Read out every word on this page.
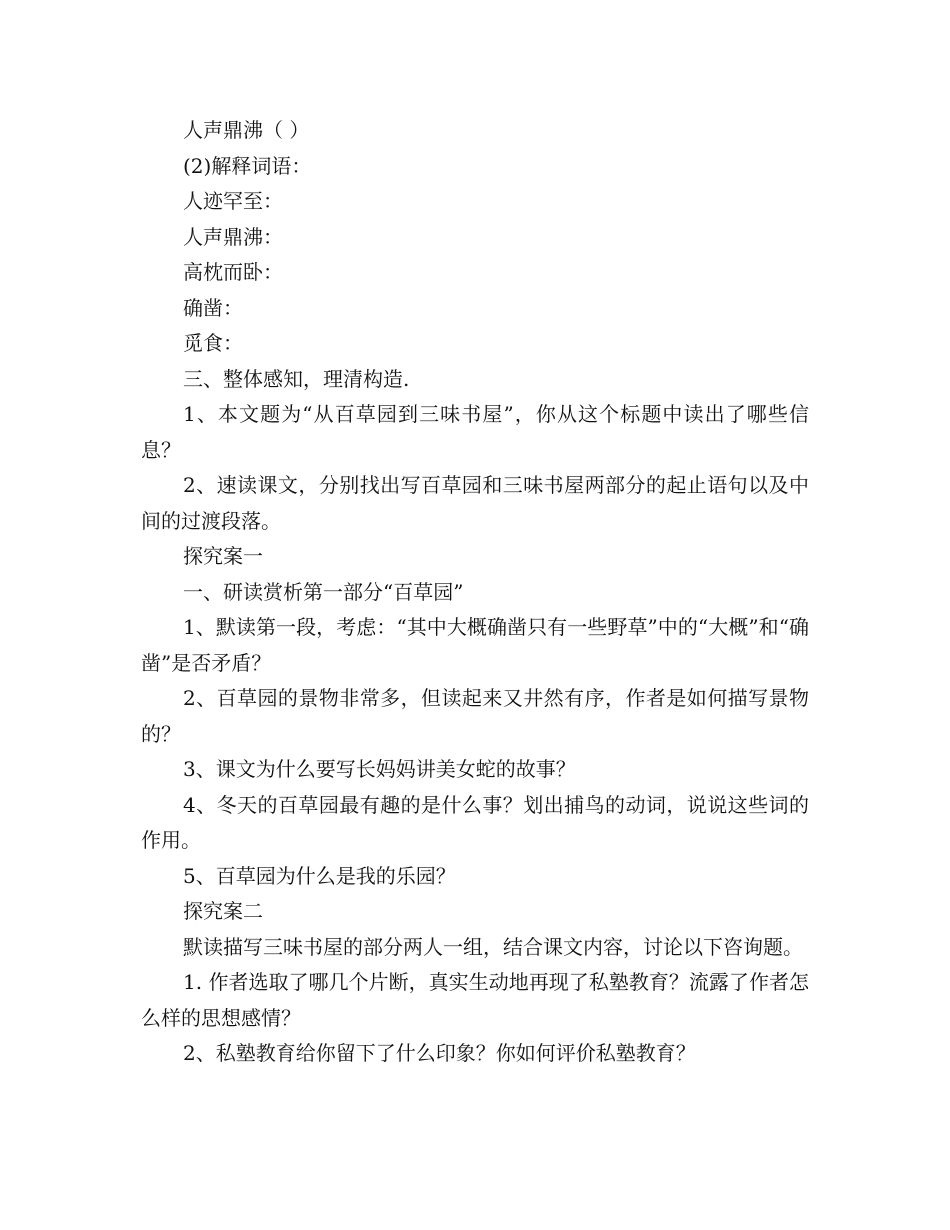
人声鼎沸（ ）

(2)解释词语：

人迹罕至：

人声鼎沸：

高枕而卧：

确凿：

觅食：

三、整体感知，理清构造.

1、本文题为“从百草园到三味书屋”，你从这个标题中读出了哪些信息？

2、速读课文，分别找出写百草园和三味书屋两部分的起止语句以及中间的过渡段落。

探究案一

一、研读赏析第一部分“百草园”

1、默读第一段，考虑：“其中大概确凿只有一些野草”中的“大概”和“确凿”是否矛盾？

2、百草园的景物非常多，但读起来又井然有序，作者是如何描写景物的？

3、课文为什么要写长妈妈讲美女蛇的故事？

4、冬天的百草园最有趣的是什么事？划出捕鸟的动词，说说这些词的作用。

5、百草园为什么是我的乐园？

探究案二

默读描写三味书屋的部分两人一组，结合课文内容，讨论以下咨询题。

1. 作者选取了哪几个片断，真实生动地再现了私塾教育？流露了作者怎么样的思想感情？

2、私塾教育给你留下了什么印象？你如何评价私塾教育？
